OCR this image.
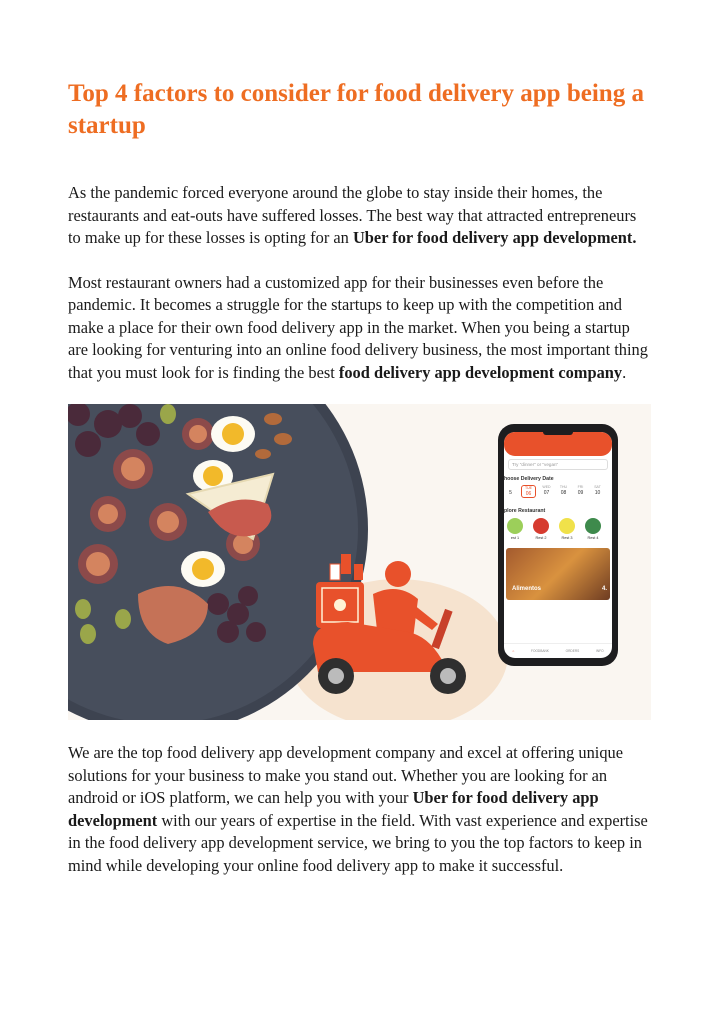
Top 4 factors to consider for food delivery app being a startup

As the pandemic forced everyone around the globe to stay inside their homes, the restaurants and eat-outs have suffered losses. The best way that attracted entrepreneurs to make up for these losses is opting for an Uber for food delivery app development.

Most restaurant owners had a customized app for their businesses even before the pandemic. It becomes a struggle for the startups to keep up with the competition and make a place for their own food delivery app in the market. When you being a startup are looking for venturing into an online food delivery business, the most important thing that you must look for is finding the best food delivery app development company.

Try "dinner" or "vegan"
hoose Delivery Date
5
TUE
06
WED
07
THU
08
FRI
09
SAT
10
plore Restaurant
est 1	Rest 2	Rest 3	Rest 4
Alimentos	4.
⌂	FOODBANK	ORDERS	INFO

We are the top food delivery app development company and excel at offering unique solutions for your business to make you stand out. Whether you are looking for an android or iOS platform, we can help you with your Uber for food delivery app development with our years of expertise in the field. With vast experience and expertise in the food delivery app development service, we bring to you the top factors to keep in mind while developing your online food delivery app to make it successful.
